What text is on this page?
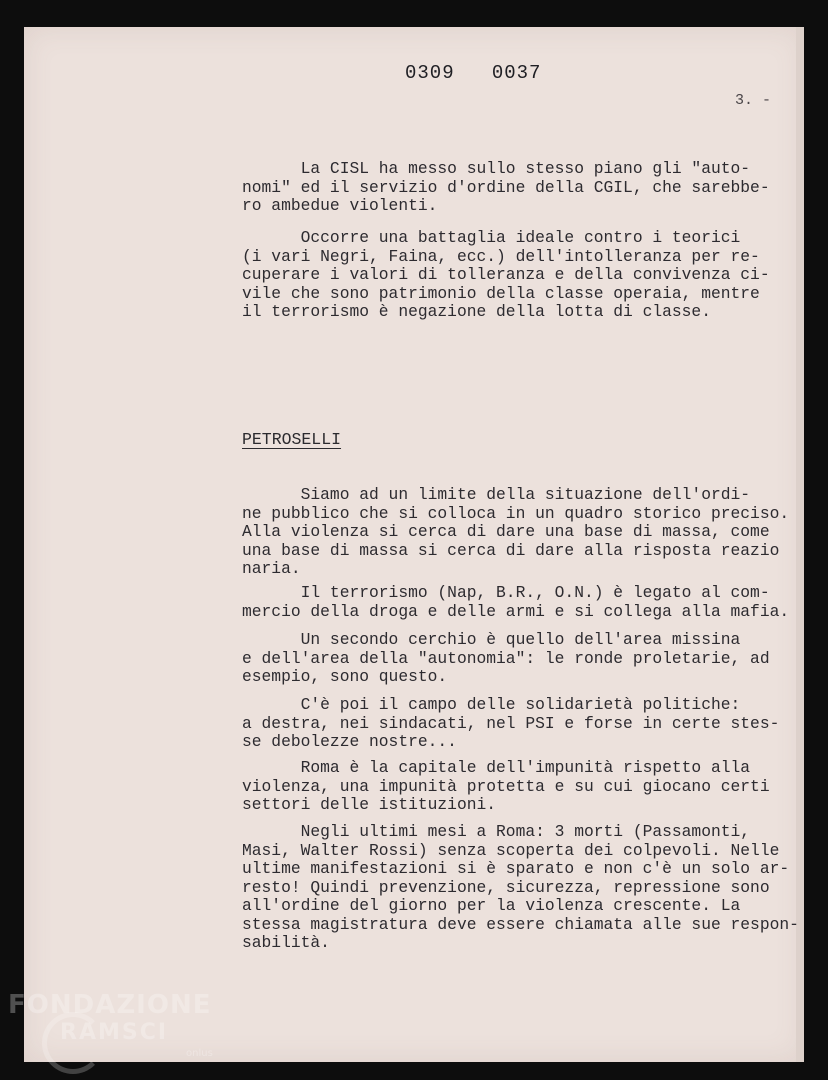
0309   0037
3. -
La CISL ha messo sullo stesso piano gli "auto-
nomi" ed il servizio d'ordine della CGIL, che sarebbe-
ro ambedue violenti.
Occorre una battaglia ideale contro i teorici
(i vari Negri, Faina, ecc.) dell'intolleranza per re-
cuperare i valori di tolleranza e della convivenza ci-
vile che sono patrimonio della classe operaia, mentre
il terrorismo è negazione della lotta di classe.
PETROSELLI
Siamo ad un limite della situazione dell'ordi-
ne pubblico che si colloca in un quadro storico preciso.
Alla violenza si cerca di dare una base di massa, come
una base di massa si cerca di dare alla risposta reazio
naria.
Il terrorismo (Nap, B.R., O.N.) è legato al com-
mercio della droga e delle armi e si collega alla mafia.
Un secondo cerchio è quello dell'area missina
e dell'area della "autonomia": le ronde proletarie, ad
esempio, sono questo.
C'è poi il campo delle solidarietà politiche:
a destra, nei sindacati, nel PSI e forse in certe stes-
se debolezze nostre...
Roma è la capitale dell'impunità rispetto alla
violenza, una impunità protetta e su cui giocano certi
settori delle istituzioni.
Negli ultimi mesi a Roma: 3 morti (Passamonti,
Masi, Walter Rossi) senza scoperta dei colpevoli. Nelle
ultime manifestazioni si è sparato e non c'è un solo ar-
resto! Quindi prevenzione, sicurezza, repressione sono
all'ordine del giorno per la violenza crescente. La
stessa magistratura deve essere chiamata alle sue respon-
sabilità.
FONDAZIONE
RAMSCI
onlus
